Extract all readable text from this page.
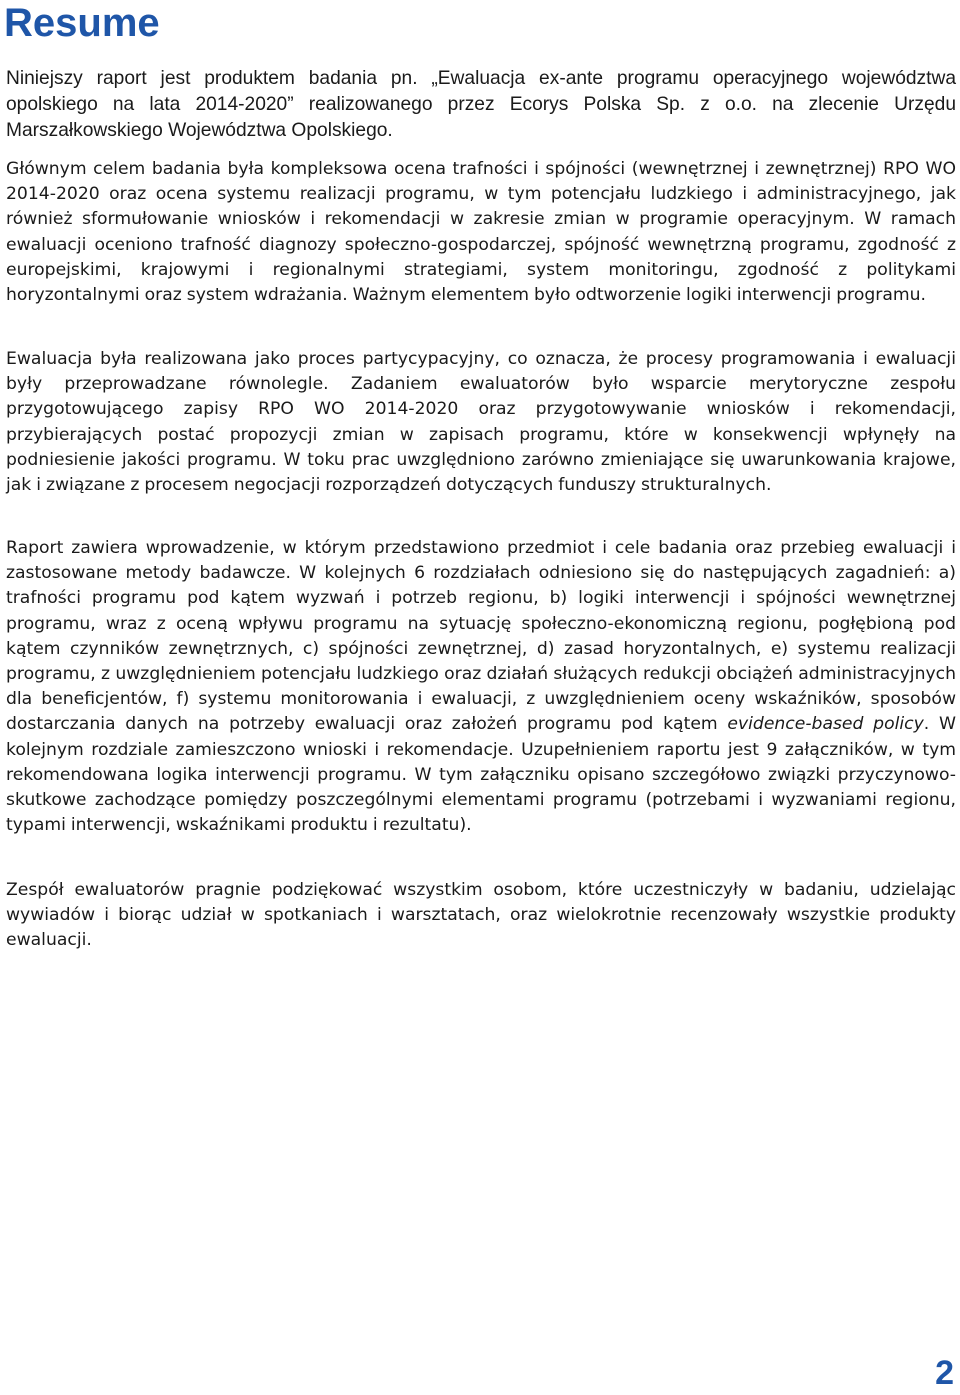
Resume

Niniejszy raport jest produktem badania pn. „Ewaluacja ex-ante programu operacyjnego województwa opolskiego na lata 2014-2020” realizowanego przez Ecorys Polska Sp. z o.o. na zlecenie Urzędu Marszałkowskiego Województwa Opolskiego.

Głównym celem badania była kompleksowa ocena trafności i spójności (wewnętrznej i zewnętrznej) RPO WO 2014-2020 oraz ocena systemu realizacji programu, w tym potencjału ludzkiego i administracyjnego, jak również sformułowanie wniosków i rekomendacji w zakresie zmian w programie operacyjnym. W ramach ewaluacji oceniono trafność diagnozy społeczno-gospodarczej, spójność wewnętrzną programu, zgodność z europejskimi, krajowymi i regionalnymi strategiami, system monitoringu, zgodność z politykami horyzontalnymi oraz system wdrażania. Ważnym elementem było odtworzenie logiki interwencji programu.

Ewaluacja była realizowana jako proces partycypacyjny, co oznacza, że procesy programowania i ewaluacji były przeprowadzane równolegle. Zadaniem ewaluatorów było wsparcie merytoryczne zespołu przygotowującego zapisy RPO WO 2014-2020 oraz przygotowywanie wniosków i rekomendacji, przybierających postać propozycji zmian w zapisach programu, które w konsekwencji wpłynęły na podniesienie jakości programu. W toku prac uwzględniono zarówno zmieniające się uwarunkowania krajowe, jak i związane z procesem negocjacji rozporządzeń dotyczących funduszy strukturalnych.

Raport zawiera wprowadzenie, w którym przedstawiono przedmiot i cele badania oraz przebieg ewaluacji i zastosowane metody badawcze. W kolejnych 6 rozdziałach odniesiono się do następujących zagadnień: a) trafności programu pod kątem wyzwań i potrzeb regionu, b) logiki interwencji i spójności wewnętrznej programu, wraz z oceną wpływu programu na sytuację społeczno-ekonomiczną regionu, pogłębioną pod kątem czynników zewnętrznych, c) spójności zewnętrznej, d) zasad horyzontalnych, e) systemu realizacji programu, z uwzględnieniem potencjału ludzkiego oraz działań służących redukcji obciążeń administracyjnych dla beneficjentów, f) systemu monitorowania i ewaluacji, z uwzględnieniem oceny wskaźników, sposobów dostarczania danych na potrzeby ewaluacji oraz założeń programu pod kątem evidence-based policy. W kolejnym rozdziale zamieszczono wnioski i rekomendacje. Uzupełnieniem raportu jest 9 załączników, w tym rekomendowana logika interwencji programu. W tym załączniku opisano szczegółowo związki przyczynowo-skutkowe zachodzące pomiędzy poszczególnymi elementami programu (potrzebami i wyzwaniami regionu, typami interwencji, wskaźnikami produktu i rezultatu).

Zespół ewaluatorów pragnie podziękować wszystkim osobom, które uczestniczyły w badaniu, udzielając wywiadów i biorąc udział w spotkaniach i warsztatach, oraz wielokrotnie recenzowały wszystkie produkty ewaluacji.

2
